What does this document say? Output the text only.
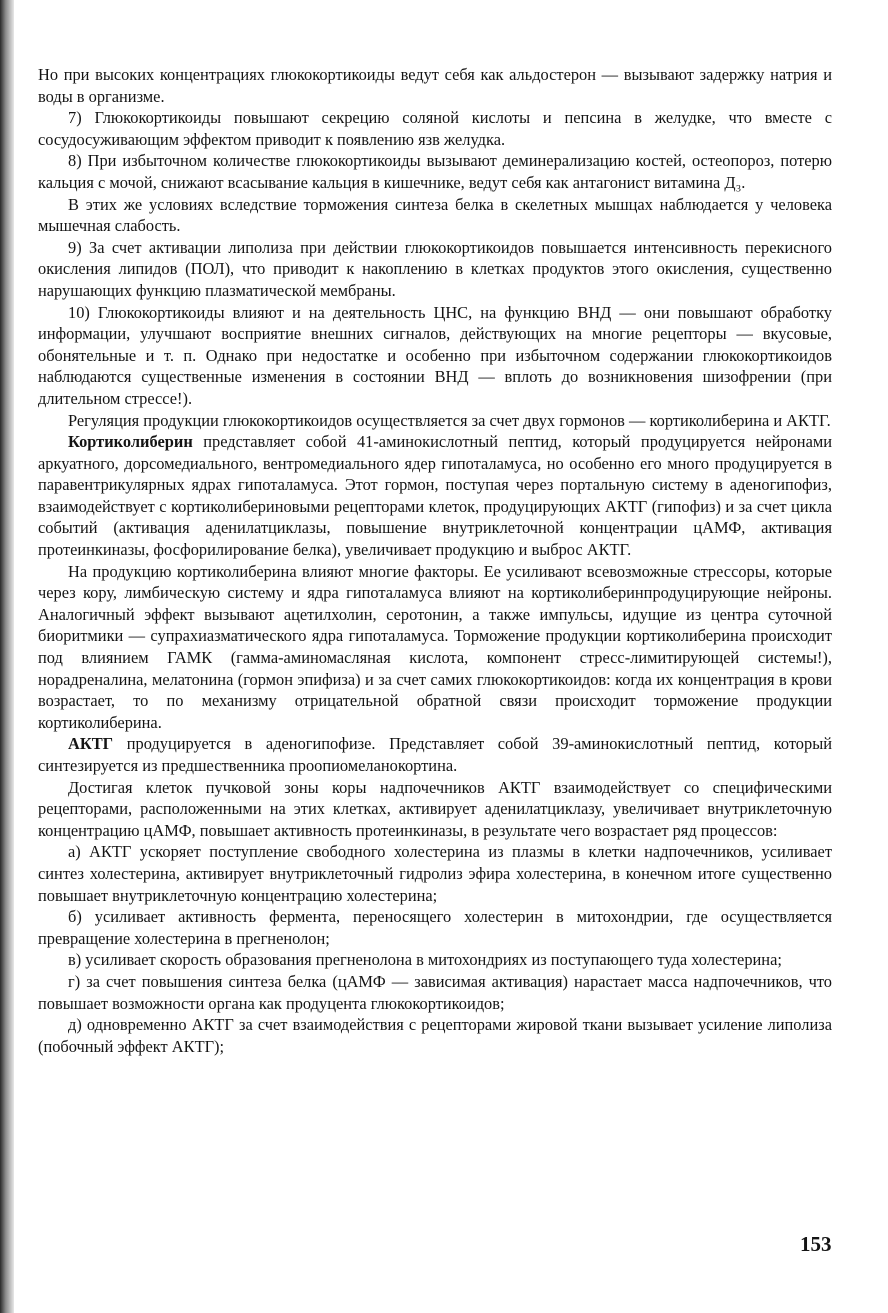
Но при высоких концентрациях глюкокортикоиды ведут себя как альдостерон — вызывают задержку натрия и воды в организме.

7) Глюкокортикоиды повышают секрецию соляной кислоты и пепсина в желудке, что вместе с сосудосуживающим эффектом приводит к появлению язв желудка.

8) При избыточном количестве глюкокортикоиды вызывают деминерализацию костей, остеопороз, потерю кальция с мочой, снижают всасывание кальция в кишечнике, ведут себя как антагонист витамина Д₃.

В этих же условиях вследствие торможения синтеза белка в скелетных мышцах наблюдается у человека мышечная слабость.

9) За счет активации липолиза при действии глюкокортикоидов повышается интенсивность перекисного окисления липидов (ПОЛ), что приводит к накоплению в клетках продуктов этого окисления, существенно нарушающих функцию плазматической мембраны.

10) Глюкокортикоиды влияют и на деятельность ЦНС, на функцию ВНД — они повышают обработку информации, улучшают восприятие внешних сигналов, действующих на многие рецепторы — вкусовые, обонятельные и т. п. Однако при недостатке и особенно при избыточном содержании глюкокортикоидов наблюдаются существенные изменения в состоянии ВНД — вплоть до возникновения шизофрении (при длительном стрессе!).

Регуляция продукции глюкокортикоидов осуществляется за счет двух гормонов — кортиколиберина и АКТГ.

Кортиколиберин представляет собой 41-аминокислотный пептид, который продуцируется нейронами аркуатного, дорсомедиального, вентромедиального ядер гипоталамуса, но особенно его много продуцируется в паравентрикулярных ядрах гипоталамуса. Этот гормон, поступая через портальную систему в аденогипофиз, взаимодействует с кортиколибериновыми рецепторами клеток, продуцирующих АКТГ (гипофиз) и за счет цикла событий (активация аденилатциклазы, повышение внутриклеточной концентрации цАМФ, активация протеинкиназы, фосфорилирование белка), увеличивает продукцию и выброс АКТГ.

На продукцию кортиколиберина влияют многие факторы. Ее усиливают всевозможные стрессоры, которые через кору, лимбическую систему и ядра гипоталамуса влияют на кортиколиберинпродуцирующие нейроны. Аналогичный эффект вызывают ацетилхолин, серотонин, а также импульсы, идущие из центра суточной биоритмики — супрахиазматического ядра гипоталамуса. Торможение продукции кортиколиберина происходит под влиянием ГАМК (гамма-аминомасляная кислота, компонент стресс-лимитирующей системы!), норадреналина, мелатонина (гормон эпифиза) и за счет самих глюкокортикоидов: когда их концентрация в крови возрастает, то по механизму отрицательной обратной связи происходит торможение продукции кортиколиберина.

АКТГ продуцируется в аденогипофизе. Представляет собой 39-аминокислотный пептид, который синтезируется из предшественника проопиомеланокортина.

Достигая клеток пучковой зоны коры надпочечников АКТГ взаимодействует со специфическими рецепторами, расположенными на этих клетках, активирует аденилатциклазу, увеличивает внутриклеточную концентрацию цАМФ, повышает активность протеинкиназы, в результате чего возрастает ряд процессов:

а) АКТГ ускоряет поступление свободного холестерина из плазмы в клетки надпочечников, усиливает синтез холестерина, активирует внутриклеточный гидролиз эфира холестерина, в конечном итоге существенно повышает внутриклеточную концентрацию холестерина;

б) усиливает активность фермента, переносящего холестерин в митохондрии, где осуществляется превращение холестерина в прегненолон;

в) усиливает скорость образования прегненолона в митохондриях из поступающего туда холестерина;

г) за счет повышения синтеза белка (цАМФ — зависимая активация) нарастает масса надпочечников, что повышает возможности органа как продуцента глюкокортикоидов;

д) одновременно АКТГ за счет взаимодействия с рецепторами жировой ткани вызывает усиление липолиза (побочный эффект АКТГ);

153
